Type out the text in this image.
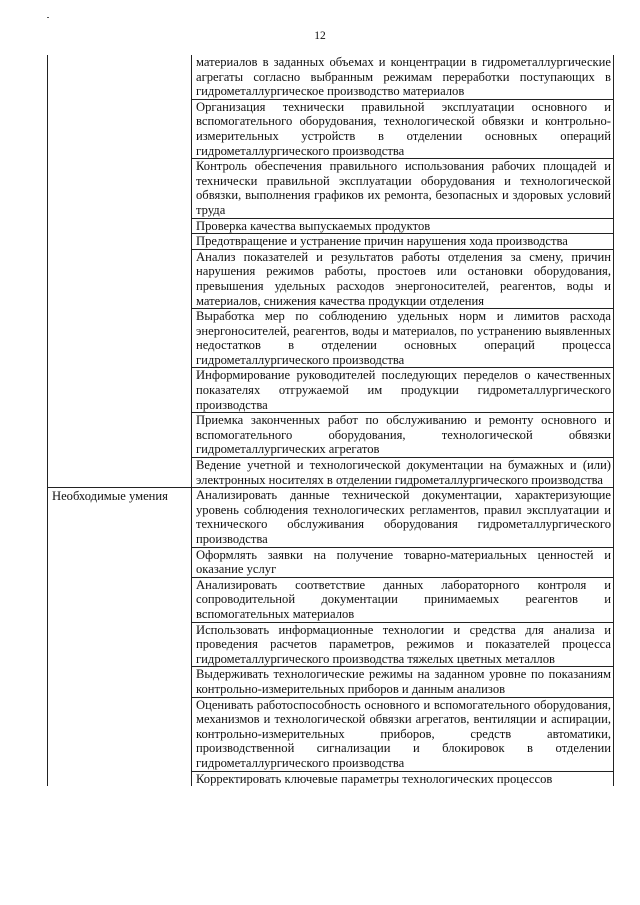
12
	материалов в заданных объемах и концентрации в гидрометаллургические агрегаты согласно выбранным режимам переработки поступающих в гидрометаллургическое производство материалов
	Организация технически правильной эксплуатации основного и вспомогательного оборудования, технологической обвязки и контрольно-измерительных устройств в отделении основных операций гидрометаллургического производства
	Контроль обеспечения правильного использования рабочих площадей и технически правильной эксплуатации оборудования и технологической обвязки, выполнения графиков их ремонта, безопасных и здоровых условий труда
	Проверка качества выпускаемых продуктов
	Предотвращение и устранение причин нарушения хода производства
	Анализ показателей и результатов работы отделения за смену, причин нарушения режимов работы, простоев или остановки оборудования, превышения удельных расходов энергоносителей, реагентов, воды и материалов, снижения качества продукции отделения
	Выработка мер по соблюдению удельных норм и лимитов расхода энергоносителей, реагентов, воды и материалов, по устранению выявленных недостатков в отделении основных операций процесса гидрометаллургического производства
	Информирование руководителей последующих переделов о качественных показателях отгружаемой им продукции гидрометаллургического производства
	Приемка законченных работ по обслуживанию и ремонту основного и вспомогательного оборудования, технологической обвязки гидрометаллургических агрегатов
	Ведение учетной и технологической документации на бумажных и (или) электронных носителях в отделении гидрометаллургического производства
Необходимые умения	Анализировать данные технической документации, характеризующие уровень соблюдения технологических регламентов, правил эксплуатации и технического обслуживания оборудования гидрометаллургического производства
	Оформлять заявки на получение товарно-материальных ценностей и оказание услуг
	Анализировать соответствие данных лабораторного контроля и сопроводительной документации принимаемых реагентов и вспомогательных материалов
	Использовать информационные технологии и средства для анализа и проведения расчетов параметров, режимов и показателей процесса гидрометаллургического производства тяжелых цветных металлов
	Выдерживать технологические режимы на заданном уровне по показаниям контрольно-измерительных приборов и данным анализов
	Оценивать работоспособность основного и вспомогательного оборудования, механизмов и технологической обвязки агрегатов, вентиляции и аспирации, контрольно-измерительных приборов, средств автоматики, производственной сигнализации и блокировок в отделении гидрометаллургического производства
	Корректировать ключевые параметры технологических процессов
